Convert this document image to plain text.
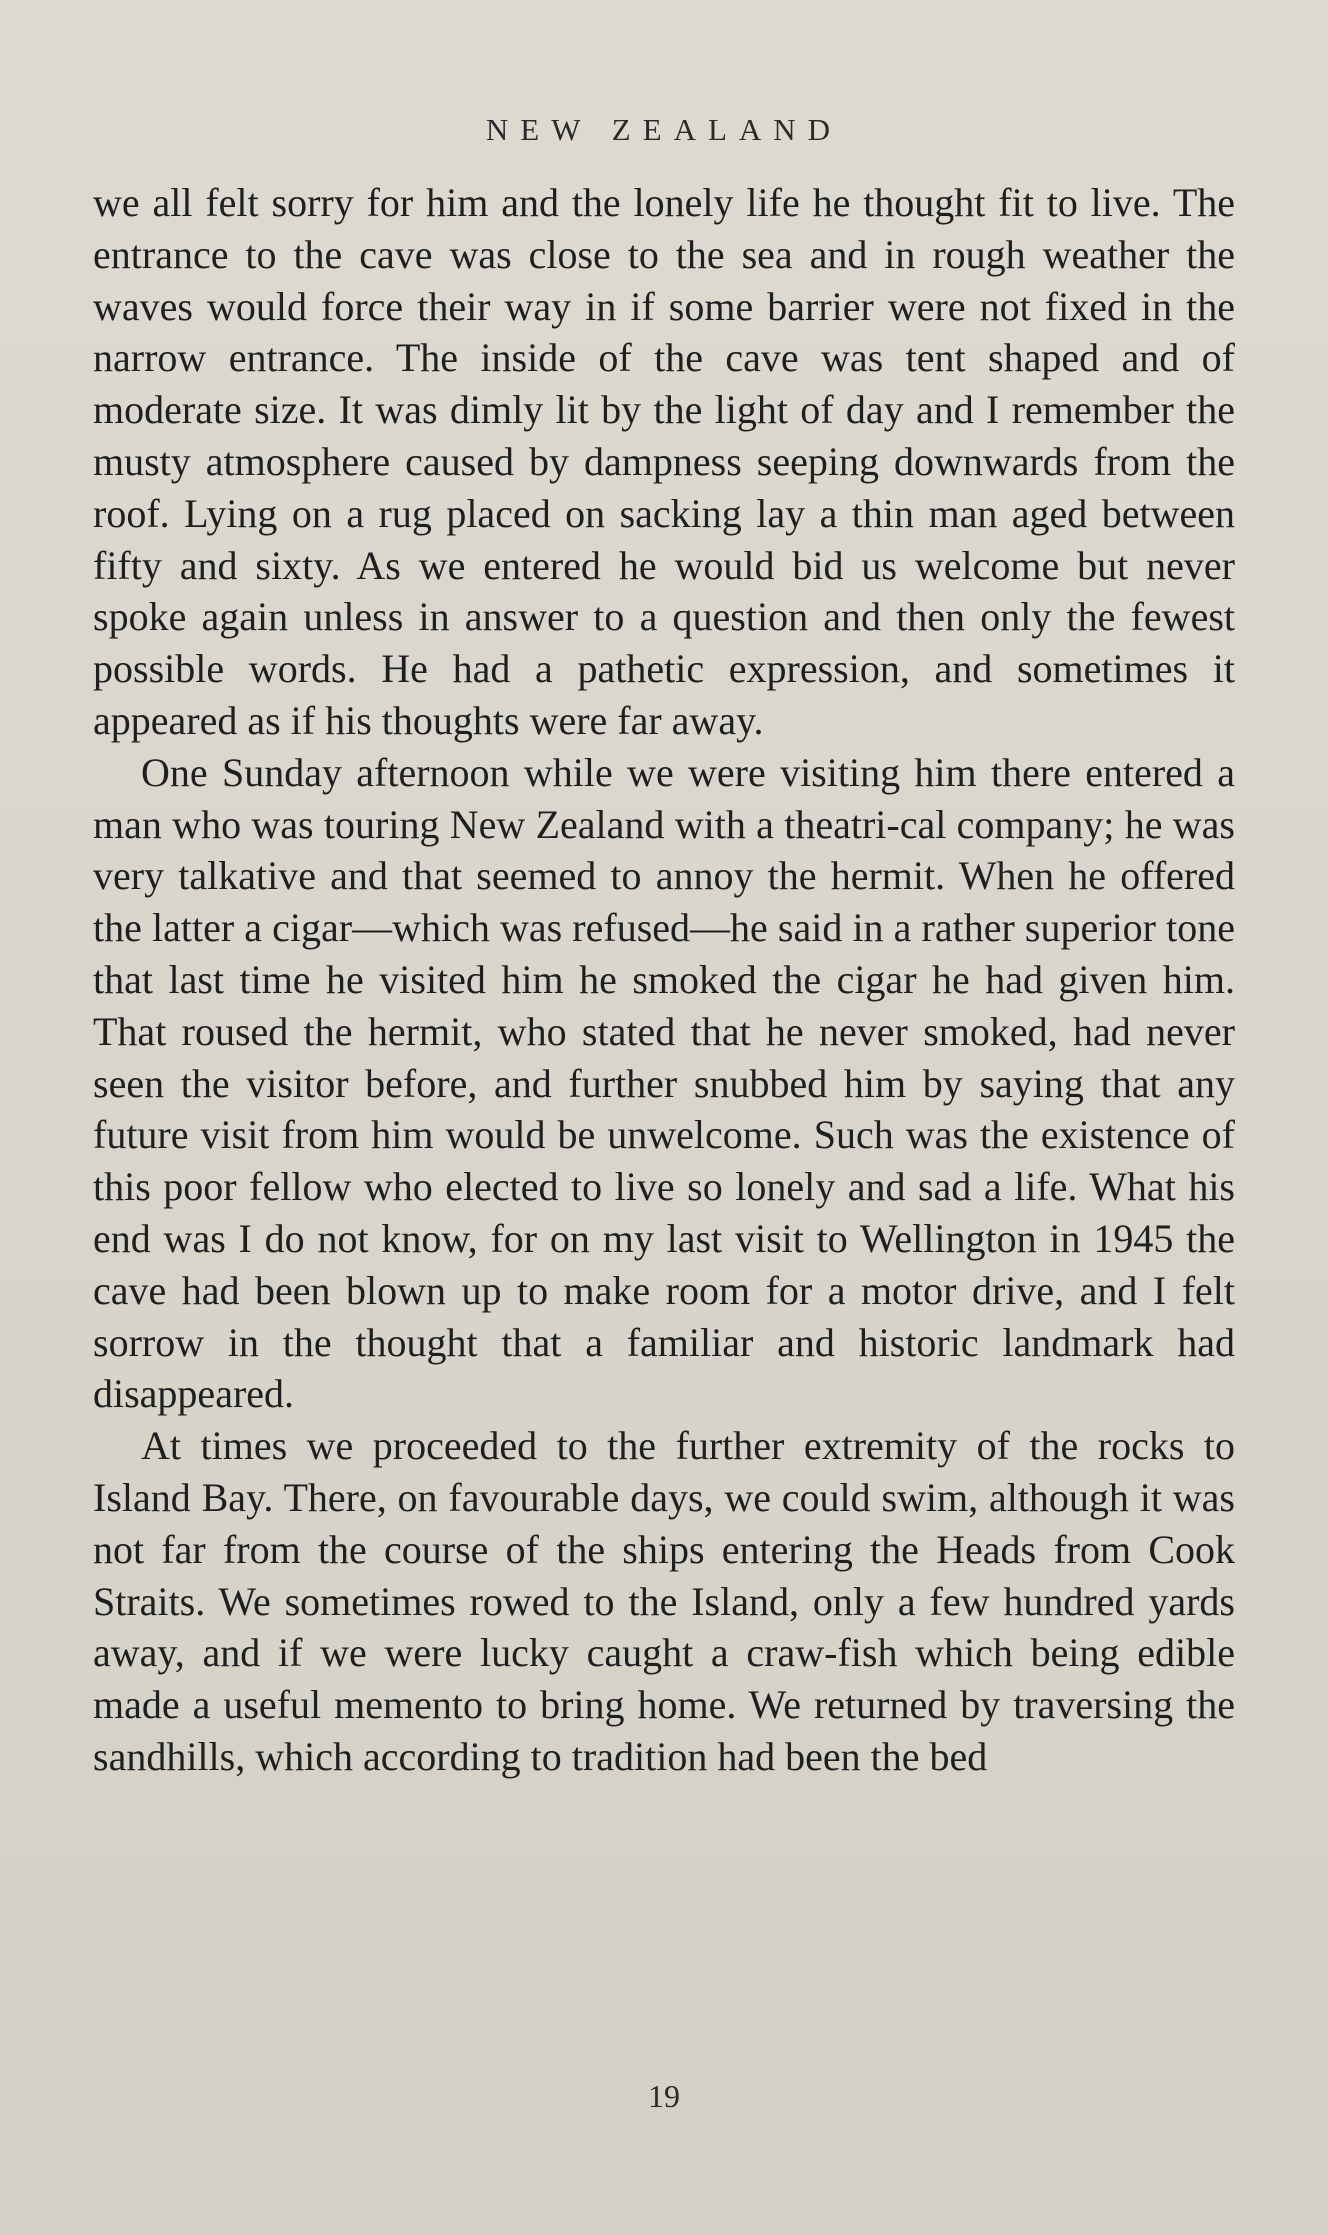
NEW ZEALAND

we all felt sorry for him and the lonely life he thought fit to live. The entrance to the cave was close to the sea and in rough weather the waves would force their way in if some barrier were not fixed in the narrow entrance. The inside of the cave was tent shaped and of moderate size. It was dimly lit by the light of day and I remember the musty atmosphere caused by dampness seeping downwards from the roof. Lying on a rug placed on sacking lay a thin man aged between fifty and sixty. As we entered he would bid us welcome but never spoke again unless in answer to a question and then only the fewest possible words. He had a pathetic expression, and sometimes it appeared as if his thoughts were far away.

One Sunday afternoon while we were visiting him there entered a man who was touring New Zealand with a theatri-cal company; he was very talkative and that seemed to annoy the hermit. When he offered the latter a cigar—which was refused—he said in a rather superior tone that last time he visited him he smoked the cigar he had given him. That roused the hermit, who stated that he never smoked, had never seen the visitor before, and further snubbed him by saying that any future visit from him would be unwelcome. Such was the existence of this poor fellow who elected to live so lonely and sad a life. What his end was I do not know, for on my last visit to Wellington in 1945 the cave had been blown up to make room for a motor drive, and I felt sorrow in the thought that a familiar and historic landmark had disappeared.

At times we proceeded to the further extremity of the rocks to Island Bay. There, on favourable days, we could swim, although it was not far from the course of the ships entering the Heads from Cook Straits. We sometimes rowed to the Island, only a few hundred yards away, and if we were lucky caught a craw-fish which being edible made a useful memento to bring home. We returned by traversing the sandhills, which according to tradition had been the bed

19
